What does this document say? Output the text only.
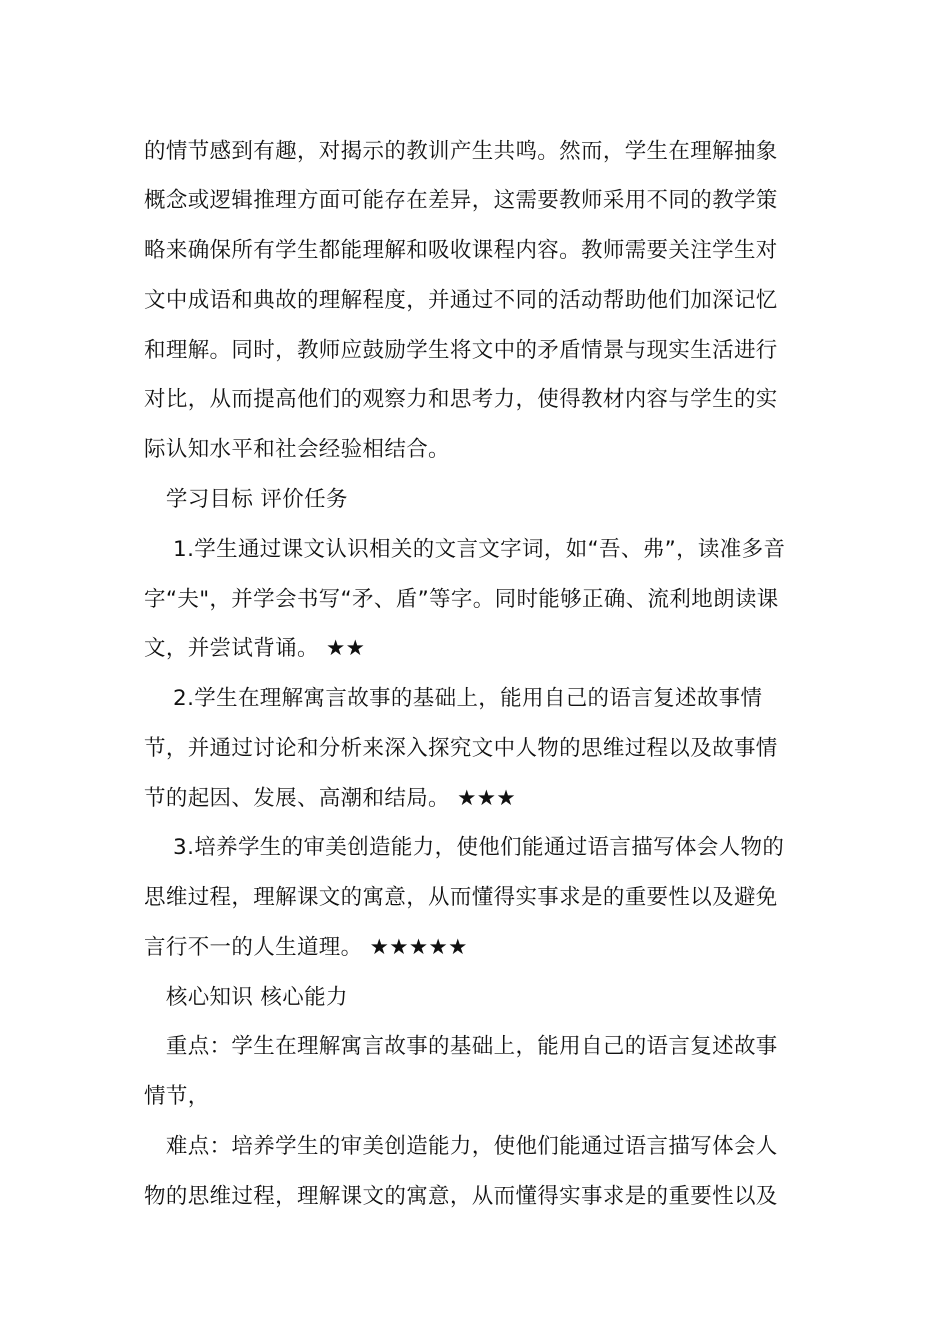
的情节感到有趣，对揭示的教训产生共鸣。然而，学生在理解抽象
概念或逻辑推理方面可能存在差异，这需要教师采用不同的教学策
略来确保所有学生都能理解和吸收课程内容。教师需要关注学生对
文中成语和典故的理解程度，并通过不同的活动帮助他们加深记忆
和理解。同时，教师应鼓励学生将文中的矛盾情景与现实生活进行
对比，从而提高他们的观察力和思考力，使得教材内容与学生的实
际认知水平和社会经验相结合。
　学习目标 评价任务
　 1.学生通过课文认识相关的文言文字词，如“吾、弗”，读准多音
字“夫"，并学会书写“矛、盾”等字。同时能够正确、流利地朗读课
文，并尝试背诵。 ★★
　 2.学生在理解寓言故事的基础上，能用自己的语言复述故事情
节，并通过讨论和分析来深入探究文中人物的思维过程以及故事情
节的起因、发展、高潮和结局。 ★★★
　 3.培养学生的审美创造能力，使他们能通过语言描写体会人物的
思维过程，理解课文的寓意，从而懂得实事求是的重要性以及避免
言行不一的人生道理。 ★★★★★
　核心知识 核心能力
　重点：学生在理解寓言故事的基础上，能用自己的语言复述故事
情节，
　难点：培养学生的审美创造能力，使他们能通过语言描写体会人
物的思维过程，理解课文的寓意，从而懂得实事求是的重要性以及
